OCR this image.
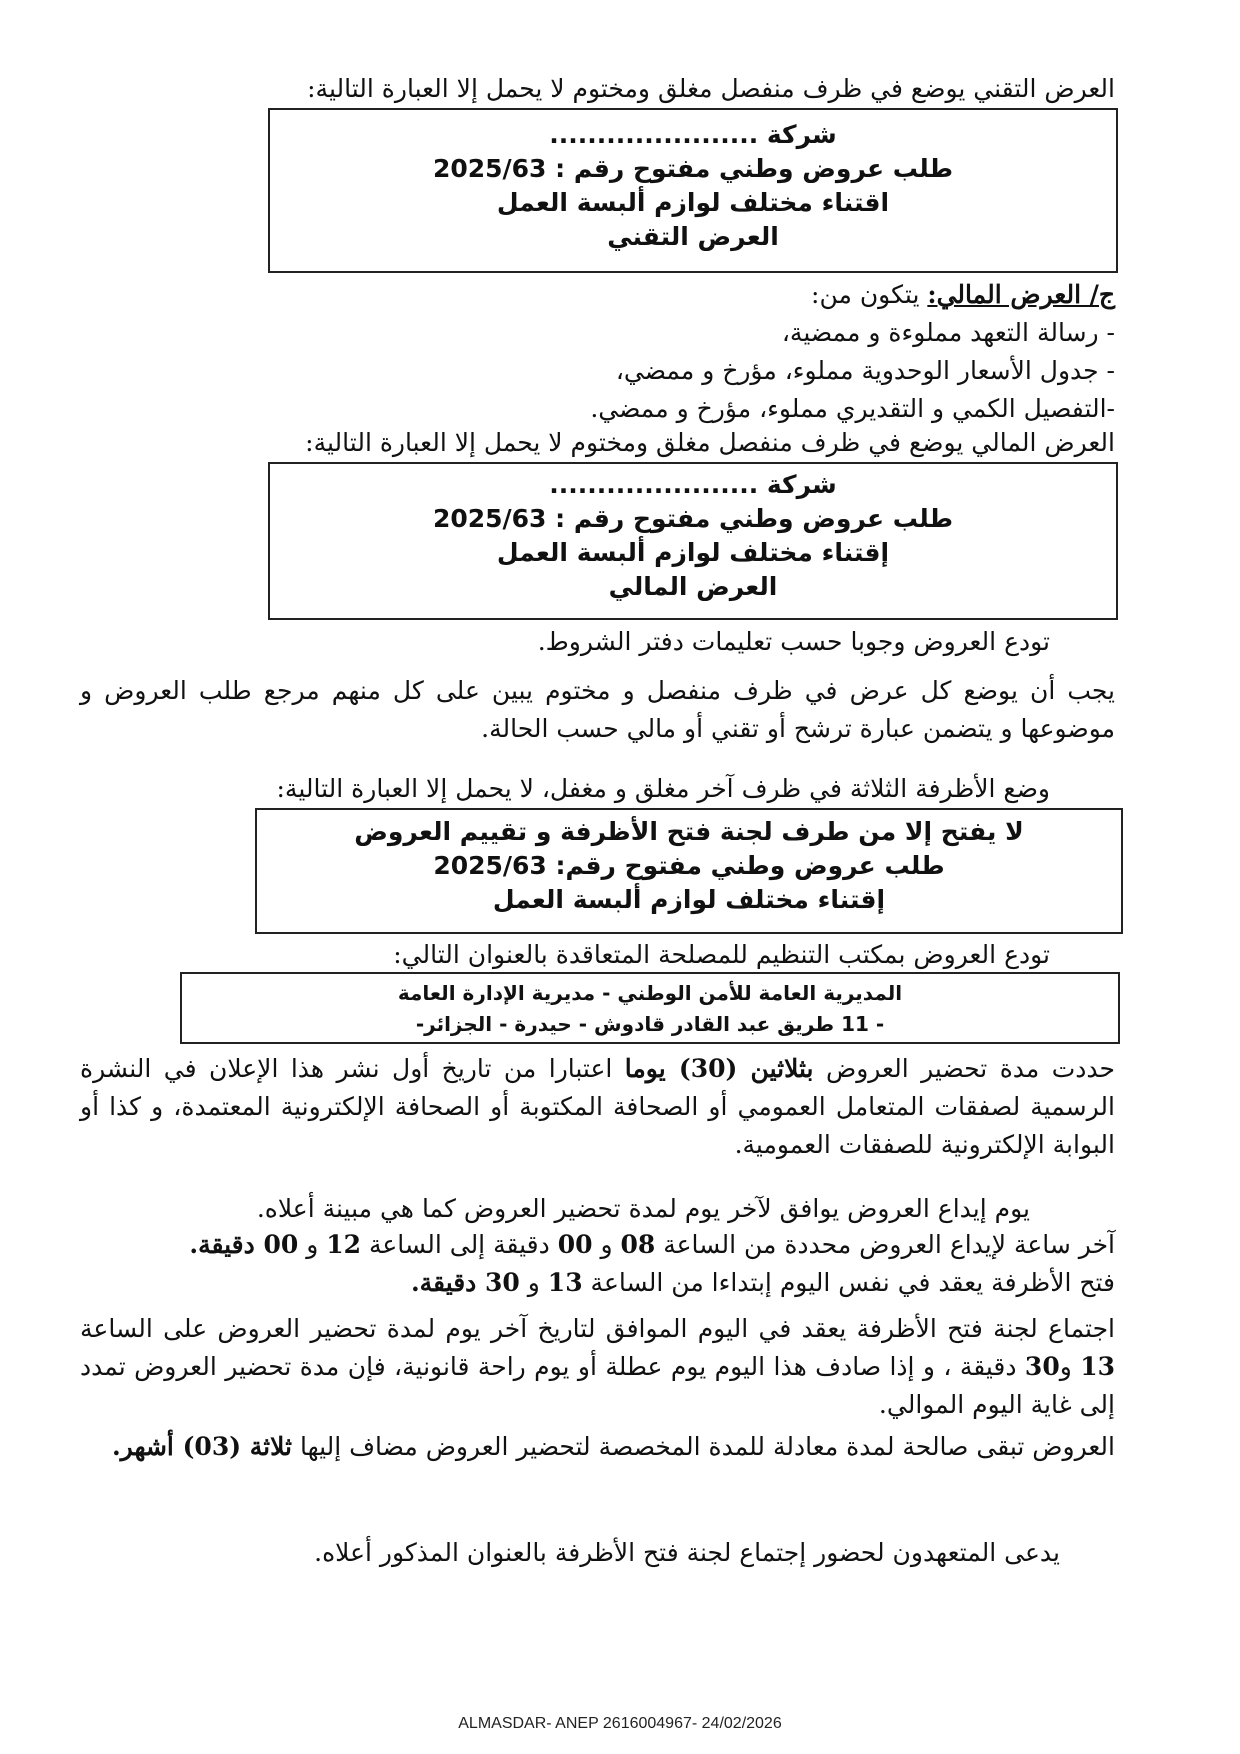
العرض التقني يوضع في ظرف منفصل مغلق ومختوم لا يحمل إلا العبارة التالية:
شركة ......................
طلب عروض وطني مفتوح رقم : 2025/63
اقتناء مختلف لوازم ألبسة العمل
العرض التقني
ج/ العرض المالي: يتكون من:
- رسالة التعهد مملوءة و ممضية،
- جدول الأسعار الوحدوية مملوء، مؤرخ و ممضي،
-التفصيل الكمي و التقديري مملوء، مؤرخ و ممضي.
العرض المالي يوضع في ظرف منفصل مغلق ومختوم لا يحمل إلا العبارة التالية:
شركة ......................
طلب عروض وطني مفتوح رقم : 2025/63
إقتناء مختلف لوازم ألبسة العمل
العرض المالي
تودع العروض وجوبا حسب تعليمات دفتر الشروط.
يجب أن يوضع كل عرض في ظرف منفصل و مختوم يبين على كل منهم مرجع طلب العروض و موضوعها و يتضمن عبارة ترشح أو تقني أو مالي حسب الحالة.
وضع الأظرفة الثلاثة في ظرف آخر مغلق و مغفل، لا يحمل إلا العبارة التالية:
لا يفتح إلا من طرف لجنة فتح الأظرفة و تقييم العروض
طلب عروض وطني مفتوح رقم: 2025/63
إقتناء مختلف لوازم ألبسة العمل
تودع العروض بمكتب التنظيم للمصلحة المتعاقدة بالعنوان التالي:
المديرية العامة للأمن الوطني - مديرية الإدارة العامة
- 11 طريق عبد القادر قادوش - حيدرة - الجزائر-
حددت مدة تحضير العروض بثلاثين (30) يوما اعتبارا من تاريخ أول نشر هذا الإعلان في النشرة الرسمية لصفقات المتعامل العمومي أو الصحافة المكتوبة أو الصحافة الإلكترونية المعتمدة، و كذا أو البوابة الإلكترونية للصفقات العمومية.
يوم إيداع العروض يوافق لآخر يوم لمدة تحضير العروض كما هي مبينة أعلاه.
آخر ساعة لإيداع العروض محددة من الساعة 08 و 00 دقيقة إلى الساعة 12 و 00 دقيقة.
فتح الأظرفة يعقد في نفس اليوم إبتداءا من الساعة 13 و 30 دقيقة.
اجتماع لجنة فتح الأظرفة يعقد في اليوم الموافق لتاريخ آخر يوم لمدة تحضير العروض على الساعة 13 و30 دقيقة ، و إذا صادف هذا اليوم يوم عطلة أو يوم راحة قانونية، فإن مدة تحضير العروض تمدد إلى غاية اليوم الموالي.
العروض تبقى صالحة لمدة معادلة للمدة المخصصة لتحضير العروض مضاف إليها ثلاثة (03) أشهر.
يدعى المتعهدون لحضور إجتماع لجنة فتح الأظرفة بالعنوان المذكور أعلاه.
ALMASDAR- ANEP 2616004967- 24/02/2026
